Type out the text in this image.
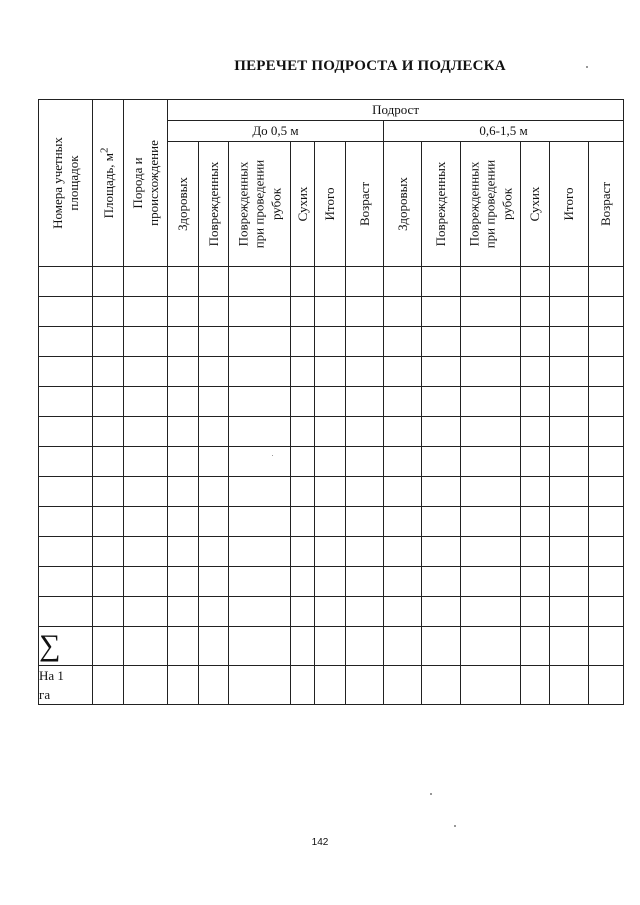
ПЕРЕЧЕТ ПОДРОСТА И ПОДЛЕСКА
Номера учетных площадок	Площадь, $м^2$	Порода и происхождение	Подрост											
			До 0,5 м						0,6-1,5 м					

			Здоровых	Поврежденных	Поврежденных при проведении рубок	Сухих	Итого	Возраст	Здоровых	Поврежденных	Поврежденных при проведении рубок	Сухих	Итого	Возраст

∑														

На 1
га														

142
